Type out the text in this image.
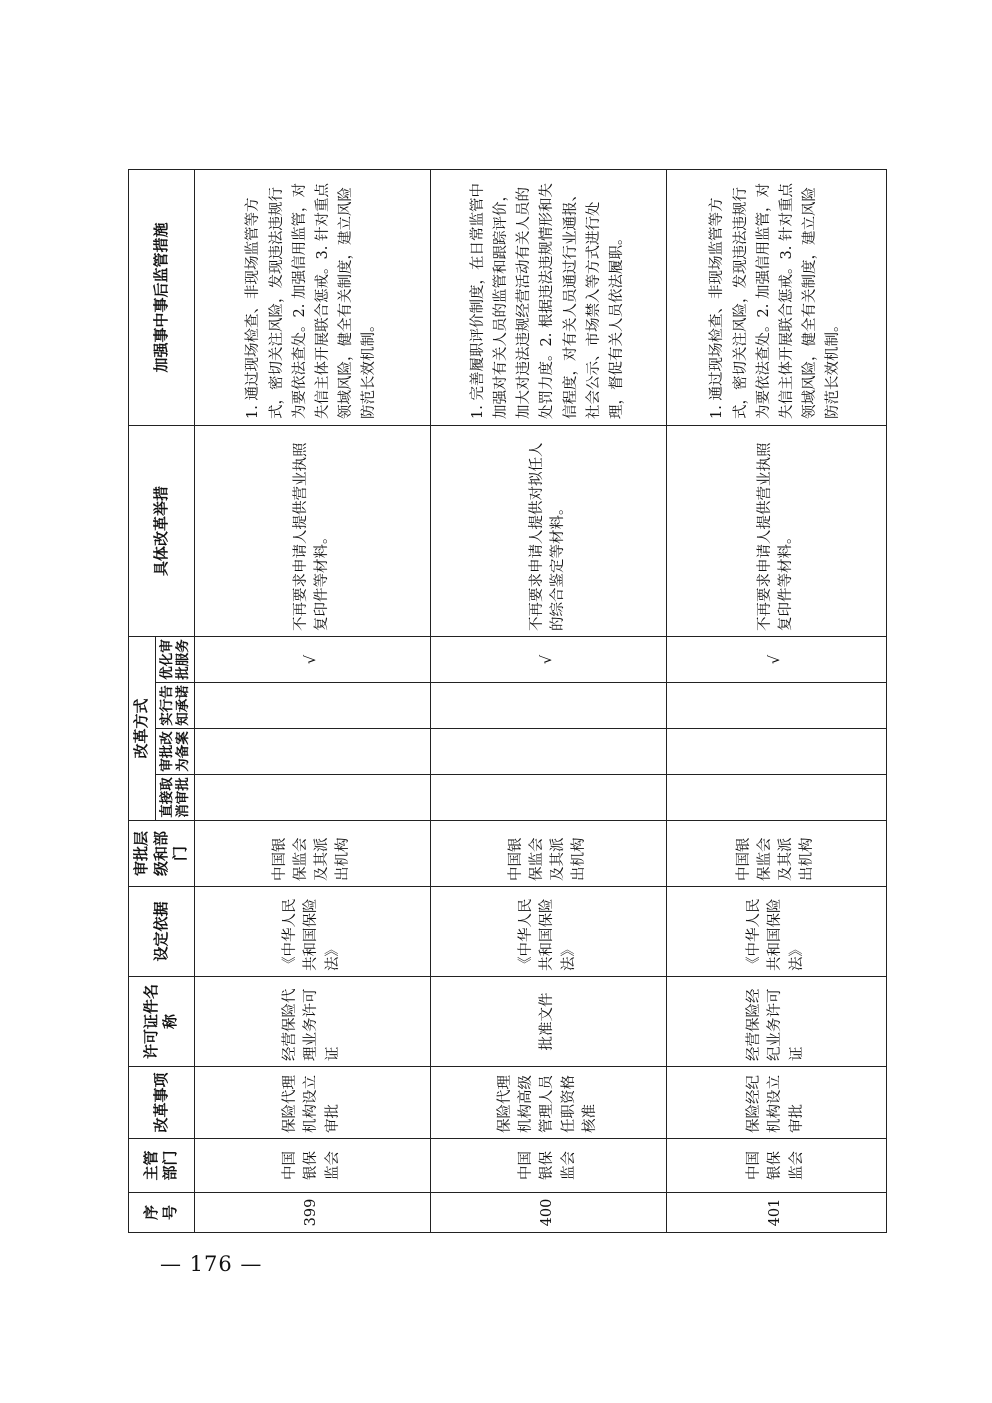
序号	主管部门	改革事项	许可证件名称	设定依据	审批层级和部门	改革方式				具体改革举措	加强事中事后监管措施
						直接取消审批	审批改为备案	实行告知承诺	优化审批服务		
399	中国银保监会	保险代理机构设立审批	经营保险代理业务许可证	《中华人民共和国保险法》	中国银保监会及其派出机构				√	不再要求申请人提供营业执照复印件等材料。	1. 通过现场检查、非现场监管等方式，密切关注风险，发现违法违规行为要依法查处。2. 加强信用监管，对失信主体开展联合惩戒。3. 针对重点领域风险，健全有关制度，建立风险防范长效机制。
400	中国银保监会	保险代理机构高级管理人员任职资格核准	批准文件	《中华人民共和国保险法》	中国银保监会及其派出机构				√	不再要求申请人提供对拟任人的综合鉴定等材料。	1. 完善履职评价制度，在日常监管中加强对有关人员的监管和跟踪评价，加大对违法违规经营活动有关人员的处罚力度。2. 根据违法违规情形和失信程度，对有关人员通过行业通报、社会公示、市场禁入等方式进行处理，督促有关人员依法履职。
401	中国银保监会	保险经纪机构设立审批	经营保险经纪业务许可证	《中华人民共和国保险法》	中国银保监会及其派出机构				√	不再要求申请人提供营业执照复印件等材料。	1. 通过现场检查、非现场监管等方式，密切关注风险，发现违法违规行为要依法查处。2. 加强信用监管，对失信主体开展联合惩戒。3. 针对重点领域风险，健全有关制度，建立风险防范长效机制。
— 176 —
